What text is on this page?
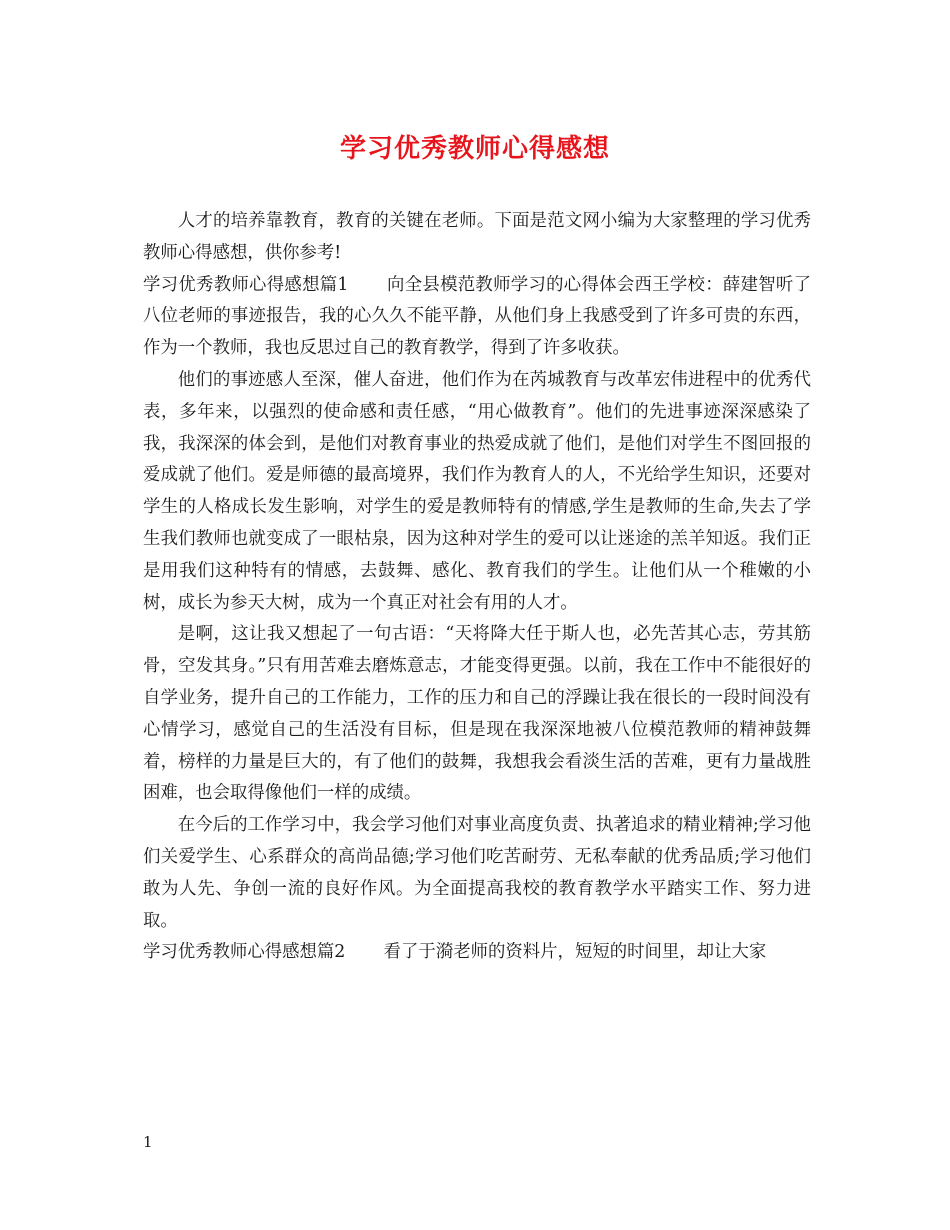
学习优秀教师心得感想

人才的培养靠教育，教育的关键在老师。下面是范文网小编为大家整理的学习优秀教师心得感想，供你参考!

学习优秀教师心得感想篇1 向全县模范教师学习的心得体会西王学校：薛建智听了八位老师的事迹报告，我的心久久不能平静，从他们身上我感受到了许多可贵的东西，作为一个教师，我也反思过自己的教育教学，得到了许多收获。

他们的事迹感人至深，催人奋进，他们作为在芮城教育与改革宏伟进程中的优秀代表，多年来，以强烈的使命感和责任感，“用心做教育”。他们的先进事迹深深感染了我，我深深的体会到，是他们对教育事业的热爱成就了他们，是他们对学生不图回报的爱成就了他们。爱是师德的最高境界，我们作为教育人的人，不光给学生知识，还要对学生的人格成长发生影响，对学生的爱是教师特有的情感,学生是教师的生命,失去了学生我们教师也就变成了一眼枯泉，因为这种对学生的爱可以让迷途的羔羊知返。我们正是用我们这种特有的情感，去鼓舞、感化、教育我们的学生。让他们从一个稚嫩的小树，成长为参天大树，成为一个真正对社会有用的人才。

是啊，这让我又想起了一句古语：“天将降大任于斯人也，必先苦其心志，劳其筋骨，空发其身。”只有用苦难去磨炼意志，才能变得更强。以前，我在工作中不能很好的自学业务，提升自己的工作能力，工作的压力和自己的浮躁让我在很长的一段时间没有心情学习，感觉自己的生活没有目标，但是现在我深深地被八位模范教师的精神鼓舞着，榜样的力量是巨大的，有了他们的鼓舞，我想我会看淡生活的苦难，更有力量战胜困难，也会取得像他们一样的成绩。

在今后的工作学习中，我会学习他们对事业高度负责、执著追求的精业精神;学习他们关爱学生、心系群众的高尚品德;学习他们吃苦耐劳、无私奉献的优秀品质;学习他们敢为人先、争创一流的良好作风。为全面提高我校的教育教学水平踏实工作、努力进取。

学习优秀教师心得感想篇2 看了于漪老师的资料片，短短的时间里，却让大家

1
